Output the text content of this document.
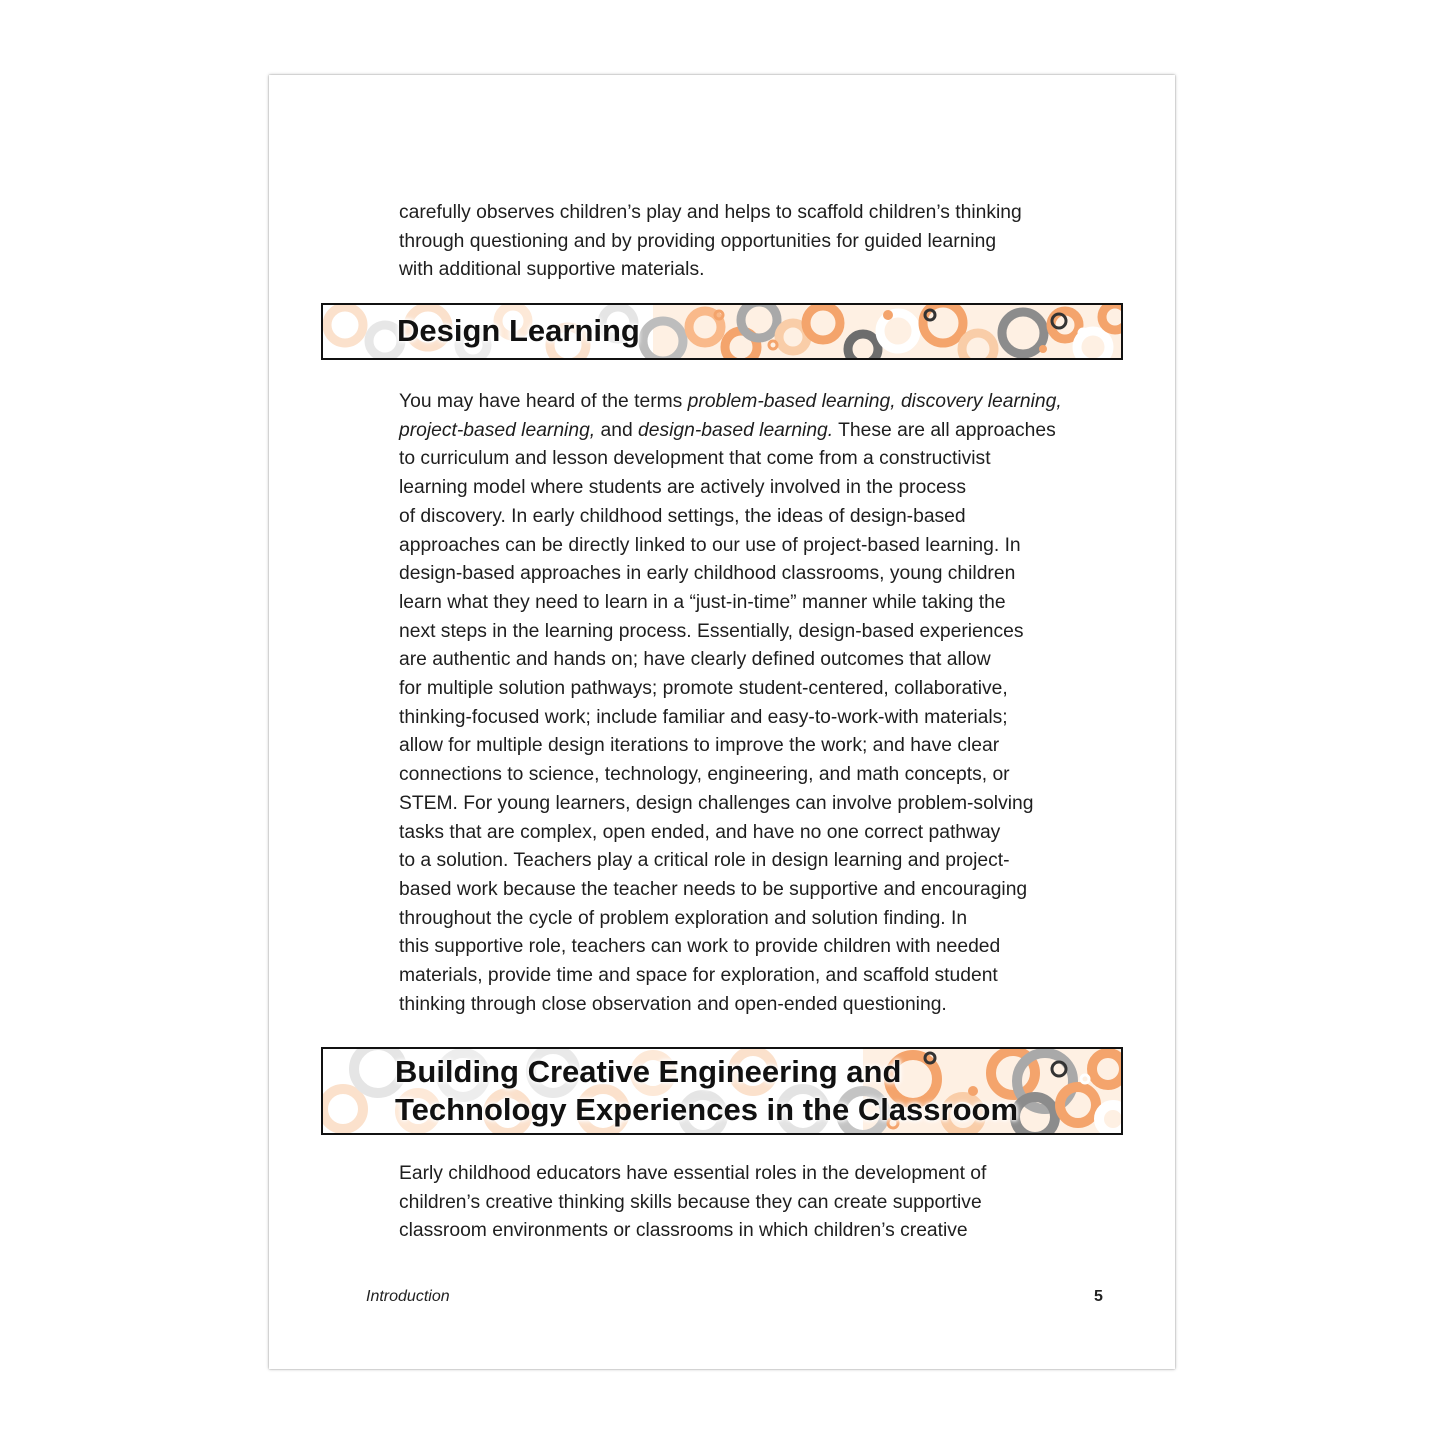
carefully observes children’s play and helps to scaffold children’s thinking
through questioning and by providing opportunities for guided learning
with additional supportive materials.

Design Learning

You may have heard of the terms problem-based learning, discovery learning,
project-based learning, and design-based learning. These are all approaches
to curriculum and lesson development that come from a constructivist
learning model where students are actively involved in the process
of discovery. In early childhood settings, the ideas of design-based
approaches can be directly linked to our use of project-based learning. In
design-based approaches in early childhood classrooms, young children
learn what they need to learn in a “just-in-time” manner while taking the
next steps in the learning process. Essentially, design-based experiences
are authentic and hands on; have clearly defined outcomes that allow
for multiple solution pathways; promote student-centered, collaborative,
thinking-focused work; include familiar and easy-to-work-with materials;
allow for multiple design iterations to improve the work; and have clear
connections to science, technology, engineering, and math concepts, or
STEM. For young learners, design challenges can involve problem-solving
tasks that are complex, open ended, and have no one correct pathway
to a solution. Teachers play a critical role in design learning and project-
based work because the teacher needs to be supportive and encouraging
throughout the cycle of problem exploration and solution finding. In
this supportive role, teachers can work to provide children with needed
materials, provide time and space for exploration, and scaffold student
thinking through close observation and open-ended questioning.

Building Creative Engineering and
Technology Experiences in the Classroom

Early childhood educators have essential roles in the development of
children’s creative thinking skills because they can create supportive
classroom environments or classrooms in which children’s creative

Introduction	5
